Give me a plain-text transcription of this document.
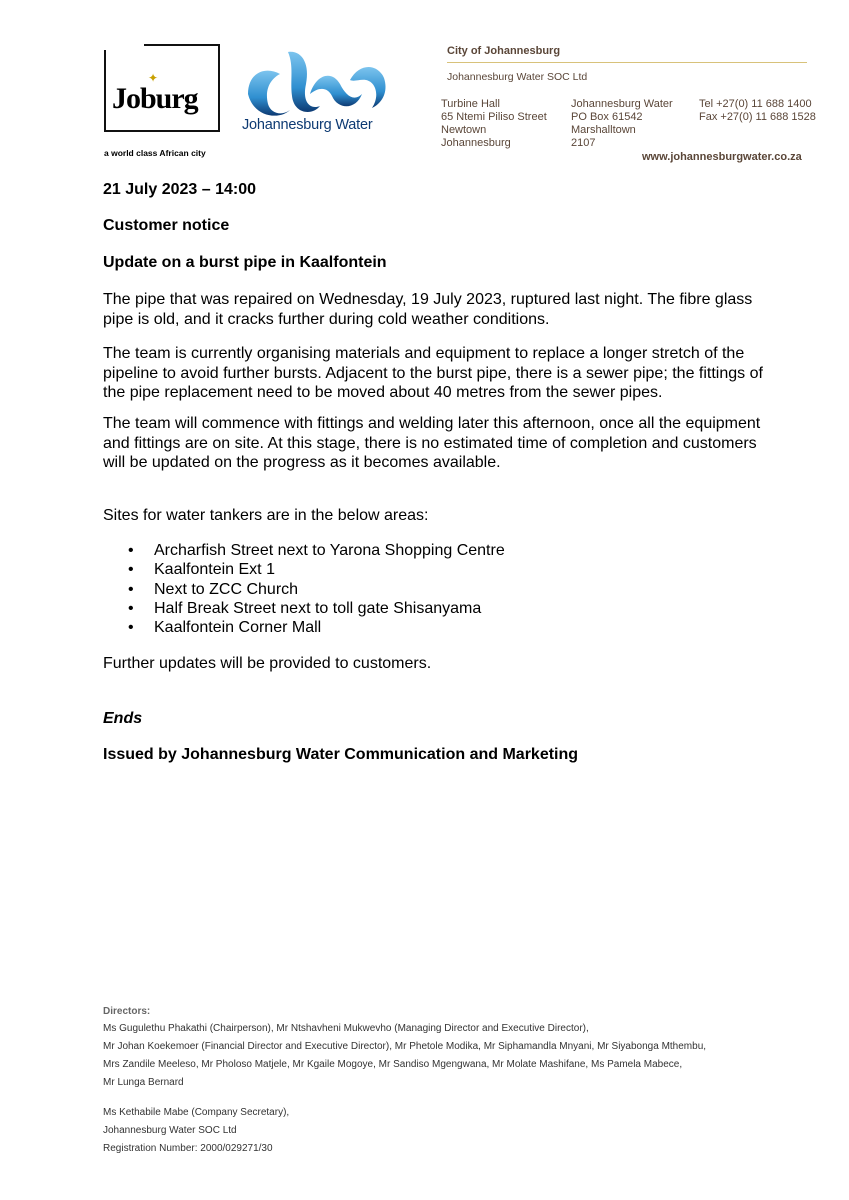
✦
Joburg
a world class African city
Johannesburg Water
City of Johannesburg
Johannesburg Water SOC Ltd
Turbine Hall
65 Ntemi Piliso Street
Newtown
Johannesburg
Johannesburg Water
PO Box 61542
Marshalltown
2107
Tel +27(0) 11 688 1400
Fax +27(0) 11 688 1528
www.johannesburgwater.co.za
21 July 2023 – 14:00
Customer notice
Update on a burst pipe in Kaalfontein
The pipe that was repaired on Wednesday, 19 July 2023, ruptured last night. The fibre glass pipe is old, and it cracks further during cold weather conditions.
The team is currently organising materials and equipment to replace a longer stretch of the pipeline to avoid further bursts. Adjacent to the burst pipe, there is a sewer pipe; the fittings of the pipe replacement need to be moved about 40 metres from the sewer pipes.
The team will commence with fittings and welding later this afternoon, once all the equipment and fittings are on site. At this stage, there is no estimated time of completion and customers will be updated on the progress as it becomes available.
Sites for water tankers are in the below areas:
• Archarfish Street next to Yarona Shopping Centre
• Kaalfontein Ext 1
• Next to ZCC Church
• Half Break Street next to toll gate Shisanyama
• Kaalfontein Corner Mall
Further updates will be provided to customers.
Ends
Issued by Johannesburg Water Communication and Marketing
Directors:
Ms Gugulethu Phakathi (Chairperson), Mr Ntshavheni Mukwevho (Managing Director and Executive Director),
Mr Johan Koekemoer (Financial Director and Executive Director), Mr Phetole Modika, Mr Siphamandla Mnyani, Mr Siyabonga Mthembu,
Mrs Zandile Meeleso, Mr Pholoso Matjele, Mr Kgaile Mogoye, Mr Sandiso Mgengwana, Mr Molate Mashifane, Ms Pamela Mabece,
Mr Lunga Bernard
Ms Kethabile Mabe (Company Secretary),
Johannesburg Water SOC Ltd
Registration Number: 2000/029271/30
